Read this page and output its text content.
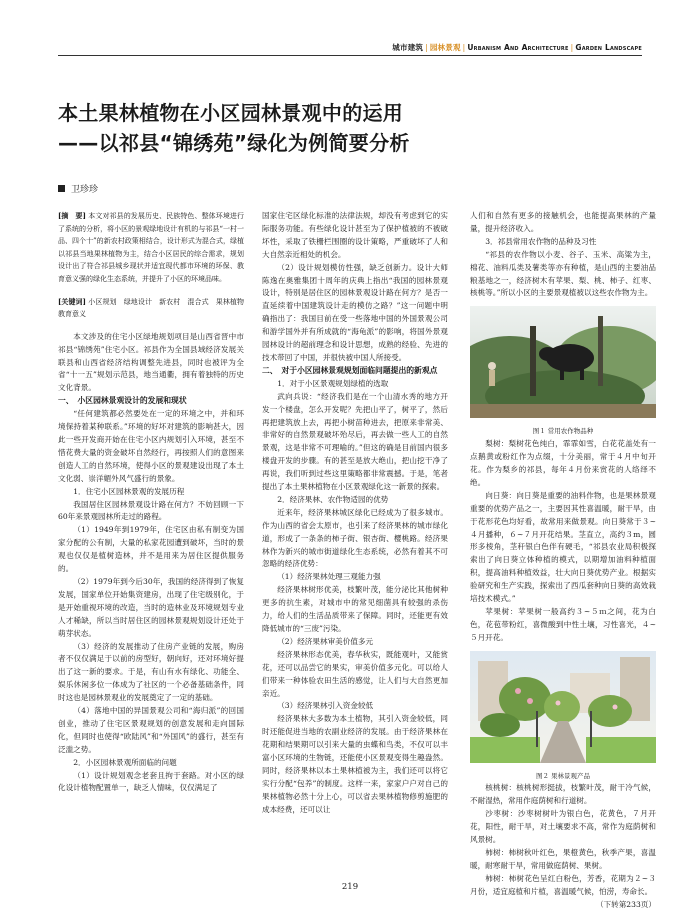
城市建筑 | 园林景观 | Urbanism And Architecture | Garden Landscape
本土果林植物在小区园林景观中的运用
——以祁县“锦绣苑”绿化为例简要分析
卫珍珍

[摘　要] 本文对祁县的发展历史、民族特色、整体环境进行了系统的分析，将小区的景观绿地设计有机的与祁县“一村一品、四个十”的新农村政策相结合，设计形式为混合式，绿植以祁县当地果林植物为主，结合小区居民的综合需求，规划设计出了符合祁县城乡现状并适宜现代都市环境的环保、教育意义强的绿化生态系统，并提升了小区的环境品味。

[关键词] 小区规划　绿地设计　新农村　混合式　果林植物　教育意义

本文涉及的住宅小区绿地规划项目是山西省晋中市祁县“锦绣苑”住宅小区。祁县作为全国县域经济发展关联县和山西省经济结构调整先进县，同时也被评为全省“十一五”规划示范县，地当通衢，拥有着独特的历史文化背景。

一、　小区园林景观设计的发展和现状

“任何建筑都必然要处在一定的环境之中，并和环境保持着某种联系。”环境的好坏对建筑的影响甚大，因此一些开发商开始在住宅小区内规划引入环境，甚至不惜花费大量的资金破坏自然经行，再按照人们的意图来创造人工的自然环境，使得小区的景观建设出现了本土文化弱、崇洋媚外风气盛行的景象。

1．住宅小区园林景观的发展历程

我国居住区园林景观设计路在何方？不妨回顾一下60年来景观园林所走过的路程。

（1）1949年到1979年，住宅区由私有制变为国家分配的公有制，大量的私家花园遭到破坏，当时的景观也仅仅是植树造林，并不是用来为居住区提供服务的。

（2）1979年到今后30年，我国的经济得到了恢复发展，国家单位开始集资建房，出现了住宅级别化，于是开始重视环境的改造，当时的造林业及环境规划专业人才稀缺，所以当时居住区的园林景观规划设计还处于萌芽状态。

（3）经济的发展推动了住房产业链的发展，购房者不仅仅满足于以前的房型好，朝向好，还对环境好提出了这一新的要求。于是，有山有水有绿化、功能全、娱乐休闲多位一体成为了社区的一个必备基础条件，同时这也是园林景观业的发展奠定了一定的基础。

（4）落地中国的异国景观公司和“海归派”的回国创业，推动了住宅区景观规划的创意发展和走向国际化，但同时也使得“欧陆风”和“外国风”的盛行，甚至有泛滥之势。

2．小区园林景观所面临的问题

（1）设计规划观念老套且拘于套路。对小区的绿化设计植物配置单一，缺乏人情味，仅仅满足了

国家住宅区绿化标准的法律法规，却没有考虑到它的实际服务功能。有些绿化设计甚至为了保护植被的不被破坏性，采取了铁栅栏围圈的设计策略，严重破坏了人和大自然亲近相处的机会。

（2）设计规划模仿性强，缺乏创新力。设计大师陈逸在奥雅集团十周年的庆典上指出“我国的园林景观设计，特别是居住区的园林景观设计路在何方？是否一直延续着中国建筑设计走的模仿之路？”这一问题中明确指出了：我国目前在受一些落地中国的外国景观公司和游学国外并有所成就的“海龟派”的影响，将国外景观园林设计的超前理念和设计思想，成熟的经验、先进的技术带回了中国，并很快被中国人所接受。

二、　对于小区园林景观规划面临问题提出的新观点

1．对于小区景观规划绿植的选取

武向兵说：“经济我们是在一个山清水秀的地方开发一个楼盘，怎么开发呢？先把山平了，树平了，然后再把建筑放上去，再把小树苗种进去，把原来非常美、非常好的自然景观破坏殆尽后，再去做一些人工的自然景观，这是非常不可理喻的。”但这的确是目前国内很多楼盘开发的步骤。有的甚至是放大绝山，把山挖干净了再说，我们听到过些这里策略都非常震撼。于是，笔者提出了本土果林植物在小区景观绿化这一新景的探索。

2．经济果林、农作物适园的优势

近来年，经济果林城区绿化已经成为了很多城市。作为山西的省会太原市，也引来了经济果林的城市绿化道，形成了一条条的柿子街、银杏街、樱桃路。经济果林作为新兴的城市街道绿化生态系统，必然有着其不可忽略的经济优势：

（1）经济果林处理三观能力强

经济果林树形优美，枝繁叶茂，能分泌比其他树种更多的抗生素，对城市中的常见细菌具有较强的杀伤力，给人们的生活品质带来了保障。同时，还能更有效降低城市的“三废”污染。

（2）经济果林审美价值多元

经济果林形态优美，春华秋实，既能观叶，又能赏花，还可以品尝它的果实，审美价值多元化。可以给人们带来一种体验农田生活的感觉，让人们与大自然更加亲近。

（3）经济果林引入资金较低

经济果林大多数为本土植物，其引入资金较低，同时还能促进当地的农副业经济的发展。由于经济果林在花期和结果期可以引来大量的虫蝶和鸟类，不仅可以丰富小区环境的生物链，还能使小区景观变得生趣盎然。同时，经济果林以本土果林植被为主，我们还可以将它实行分配“包养”的制度。这样一来，家家户户对自己的果林植物必然十分上心，可以省去果林植物修剪施肥的成本经费，还可以让

人们和自然有更多的接触机会，也能提高果林的产量量，提升经济收入。

3．祁县常用农作物的品种及习性

“祁县的农作物以小麦、谷子、玉米、高粱为主，棉花、油料瓜类及薯类等亦有种植，是山西的主要油品粮基地之一，经济树木有苹果、梨、桃、柿子、红枣、核桃等。”所以小区的主要景观植被以这些农作物为主。

图１ 常用农作物品种

梨树：梨树花色纯白，霏霏如雪，白花花盖处有一点鹅黄或粉红作为点缀，十分美丽，常于４月中旬开花。作为梨乡的祁县，每年４月份来赏花的人络绎不绝。

向日葵：向日葵是重要的油料作物，也是果林景观重要的优势产品之一，主要因其性喜温暖，耐干旱，由于花形花色均好看，故常用来做景观。向日葵常于３~４月播种，６~７月开花结果。茎直立，高约３m，圆形多棱角，茎秆银白色伴有硬毛，“祁县农业局积极探索出了向日葵立体种植的模式，以期增加油料种植面积，提高油料种植效益，壮大向日葵优势产业。根据实验研究和生产实践，探索出了西瓜套种向日葵的高效栽培技术模式。”

苹果树：苹果树一般高约３~５ｍ之间，花为白色，花苞带粉红，喜微酸到中性土壤，习性喜光，４~５月开花。

图２ 果林景观产品

核桃树：核桃树形挺拔，枝繁叶茂，耐干冷气候，不耐湿热，常用作庭荫树和行道树。

沙枣树：沙枣树树叶为银白色，花黄色，７月开花，阳性，耐干旱，对土壤要求不高，常作为庭荫树和风景树。

柿树：柿树秋叶红色，果橙黄色，秋季产果，喜温暖，耐寒耐干旱，常用做庭荫树、果树。

柿树：柿树花色呈红白粉色，芳香，花期为２~３月份，适宜庭植和片植，喜温暖气候，怕涝，寿命长。

（下转第233页）

219
